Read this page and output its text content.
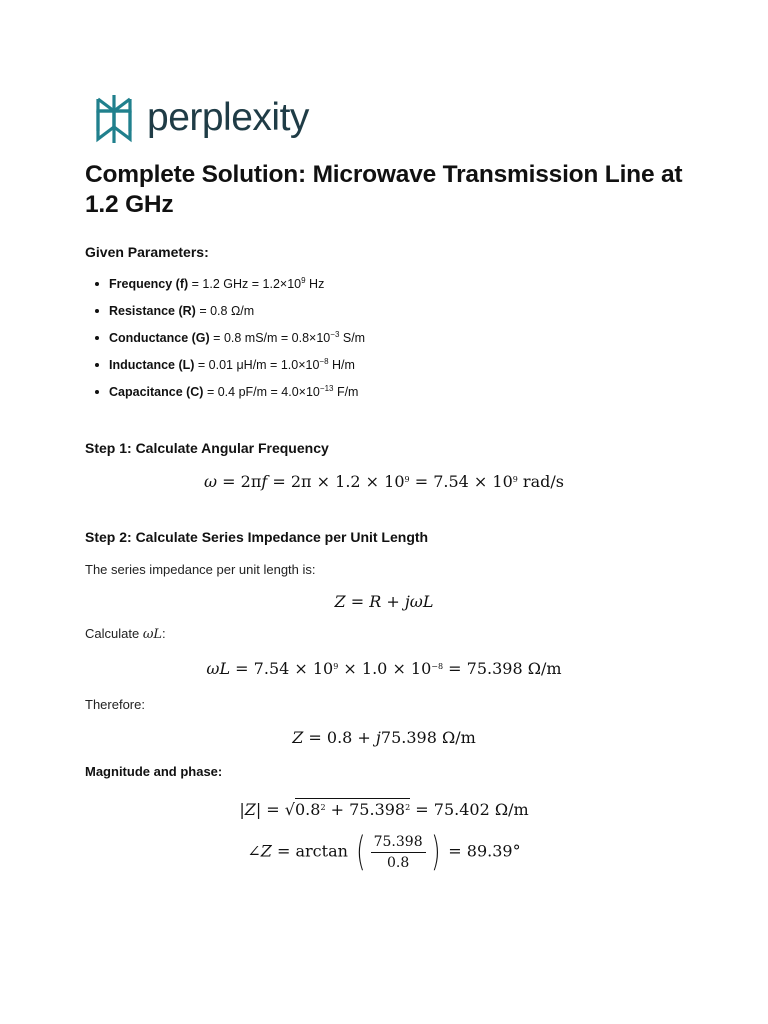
perplexity
Complete Solution: Microwave Transmission Line at 1.2 GHz
Given Parameters:
Frequency (f) = 1.2 GHz = $1.2\times 10^9$ Hz
Resistance (R) = 0.8 Ω/m
Conductance (G) = 0.8 $mS/m = 0.8\times 10^{-3}$ S/m
Inductance (L) = 0.01 $\mu H/m = 1.0\times 10^{-8}$ H/m
Capacitance (C) = 0.4 $pF/m = 4.0\times 10^{-13}$ F/m
Step 1: Calculate Angular Frequency
$\omega = 2\pi f = 2\pi \times 1.2 \times 10^9 = 7.54 \times 10^9$ rad/s
Step 2: Calculate Series Impedance per Unit Length

The series impedance per unit length is:

Z = R + jωL

Calculate ωL:

$\omega L = 7.54 \times 10^9 \times 1.0 \times 10^{-8} = 75.398$ Ω/m

Therefore:

Z = 0.8 + j75.398 Ω/m
Magnitude and phase:
$|Z| = √0.8^2 + 75.398^2 = 75.402$ Ω/m
∠Z = arctan ( $\frac{75.398}{0.8}$ ) = 89.39°
